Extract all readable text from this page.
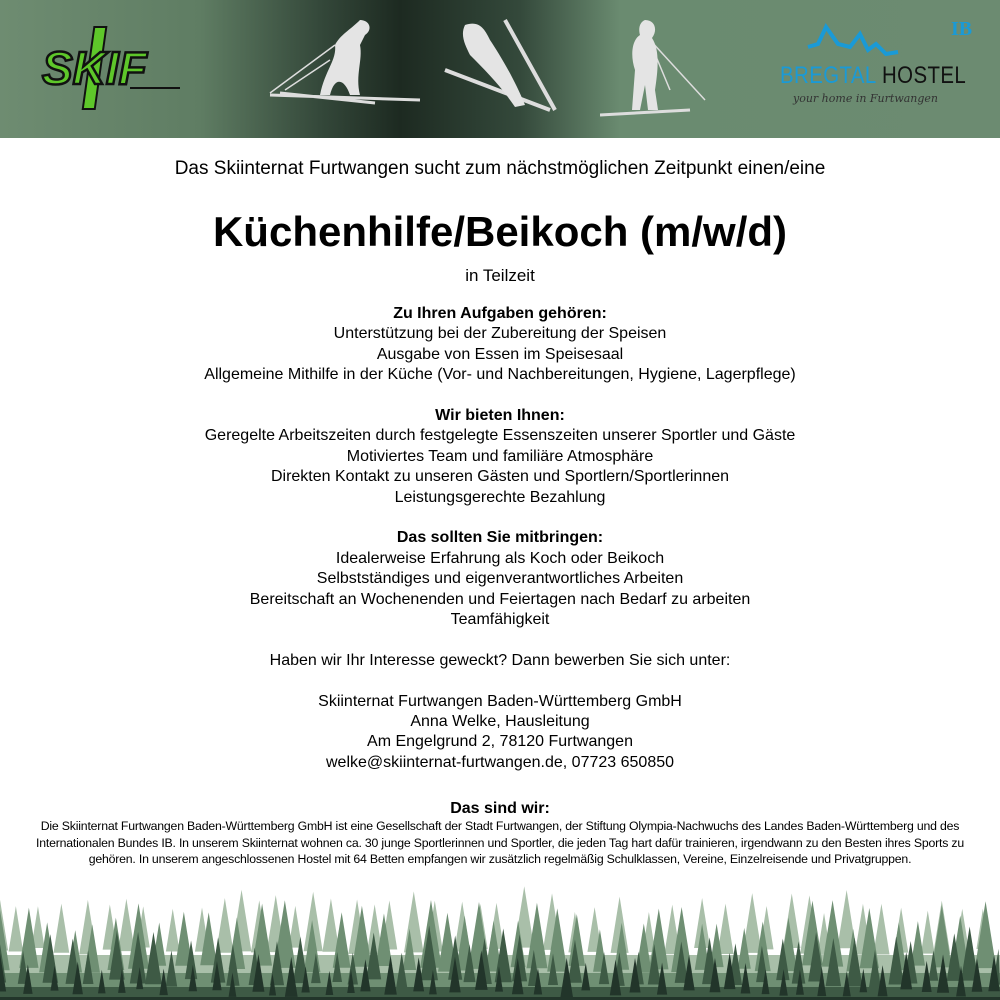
SKIF
IB
BREGTAL HOSTEL
your home in Furtwangen
Das Skiinternat Furtwangen sucht zum nächstmöglichen Zeitpunkt einen/eine
Küchenhilfe/Beikoch (m/w/d)
in Teilzeit
Zu Ihren Aufgaben gehören:
Unterstützung bei der Zubereitung der Speisen
Ausgabe von Essen im Speisesaal
Allgemeine Mithilfe in der Küche (Vor- und Nachbereitungen, Hygiene, Lagerpflege)
Wir bieten Ihnen:
Geregelte Arbeitszeiten durch festgelegte Essenszeiten unserer Sportler und Gäste
Motiviertes Team und familiäre Atmosphäre
Direkten Kontakt zu unseren Gästen und Sportlern/Sportlerinnen
Leistungsgerechte Bezahlung
Das sollten Sie mitbringen:
Idealerweise Erfahrung als Koch oder Beikoch
Selbstständiges und eigenverantwortliches Arbeiten
Bereitschaft an Wochenenden und Feiertagen nach Bedarf zu arbeiten
Teamfähigkeit
Haben wir Ihr Interesse geweckt? Dann bewerben Sie sich unter:
Skiinternat Furtwangen Baden-Württemberg GmbH
Anna Welke, Hausleitung
Am Engelgrund 2, 78120 Furtwangen
welke@skiinternat-furtwangen.de, 07723 650850
Das sind wir:

Die Skiinternat Furtwangen Baden-Württemberg GmbH ist eine Gesellschaft der Stadt Furtwangen, der Stiftung Olympia-Nachwuchs des Landes Baden-Württemberg und des Internationalen Bundes IB. In unserem Skiinternat wohnen ca. 30 junge Sportlerinnen und Sportler, die jeden Tag hart dafür trainieren, irgendwann zu den Besten ihres Sports zu gehören. In unserem angeschlossenen Hostel mit 64 Betten empfangen wir zusätzlich regelmäßig Schulklassen, Vereine, Einzelreisende und Privatgruppen.
